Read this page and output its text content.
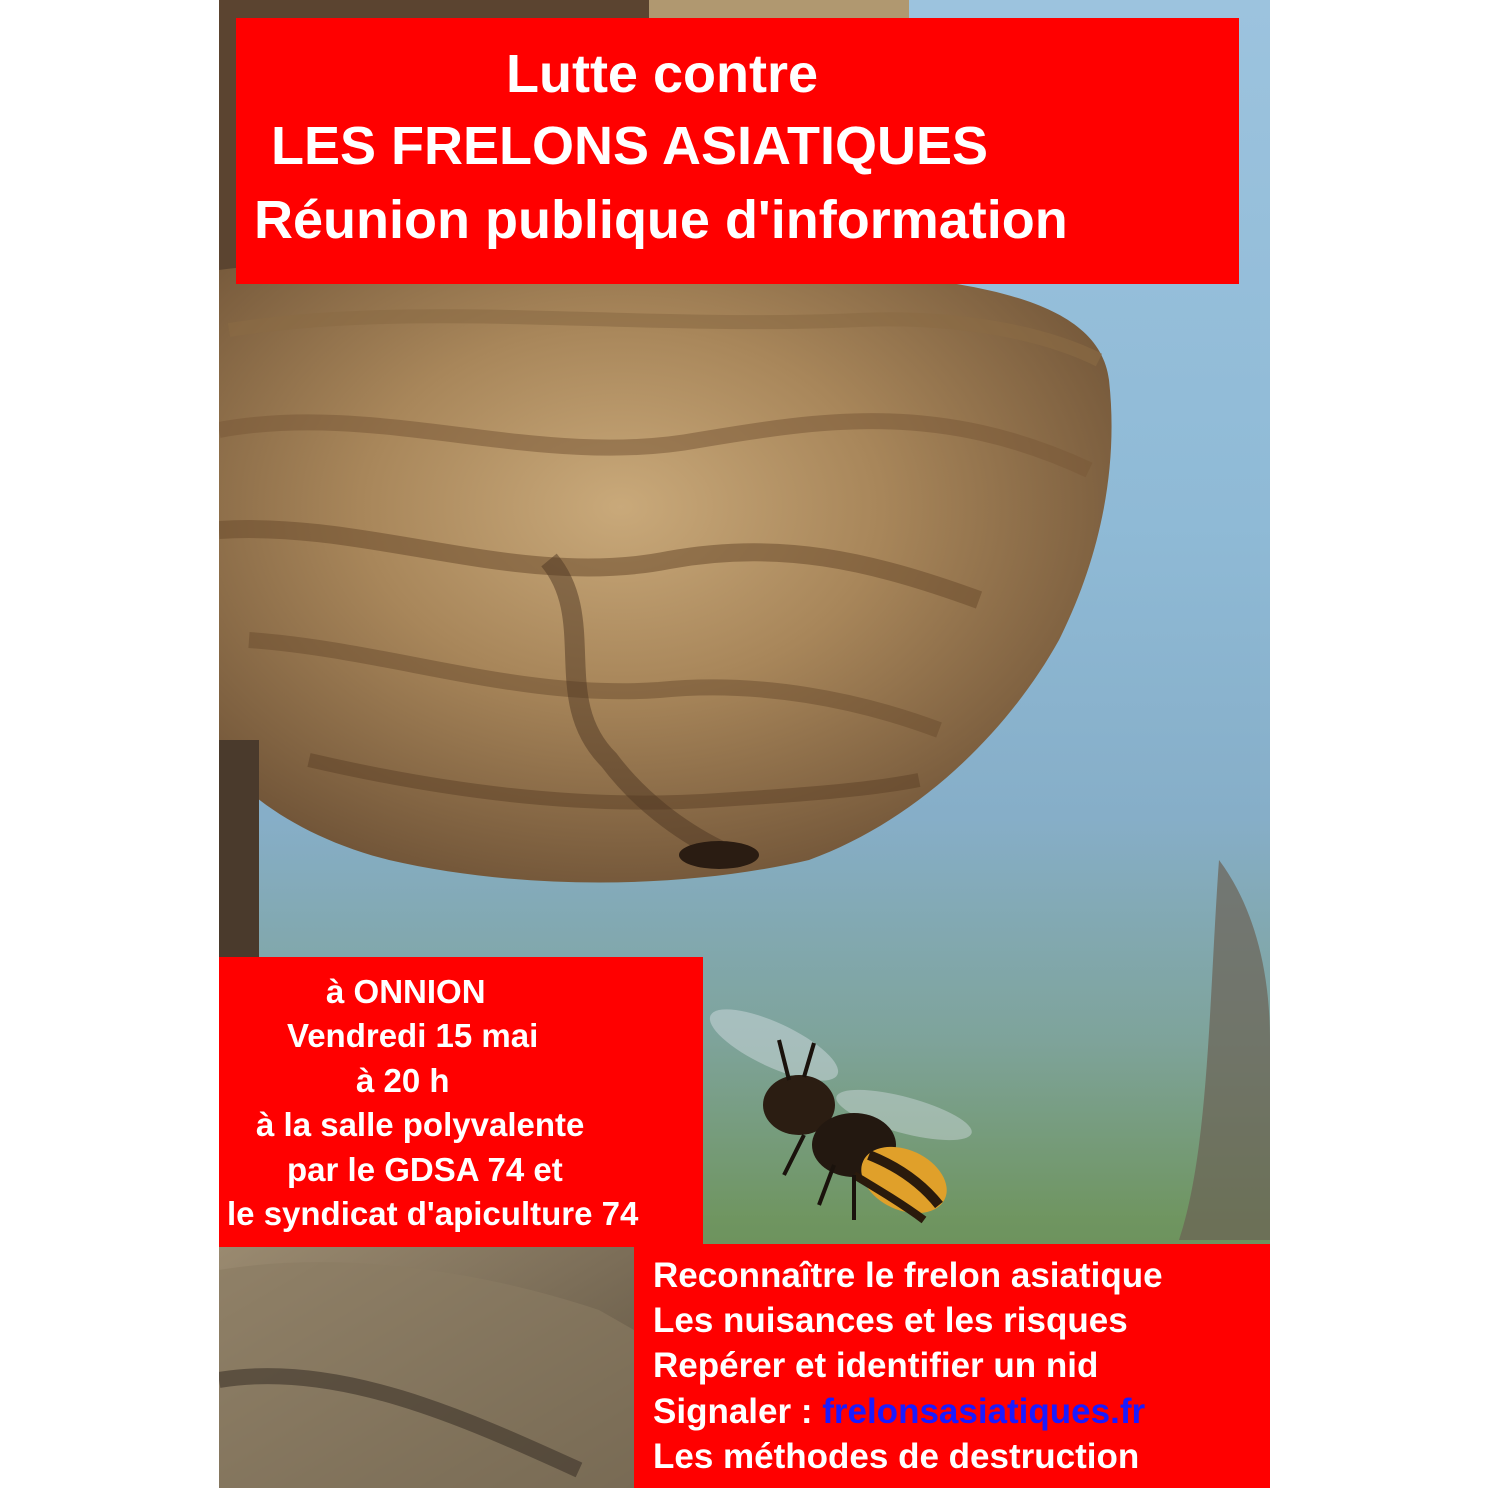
Lutte contre
LES FRELONS ASIATIQUES
Réunion publique d'information
à ONNION
Vendredi 15 mai
à 20 h
à la salle polyvalente
par le GDSA 74 et
le syndicat d'apiculture 74
Reconnaître le frelon asiatique
Les nuisances et les risques
Repérer et identifier un nid
Signaler : frelonsasiatiques.fr
Les méthodes de destruction
